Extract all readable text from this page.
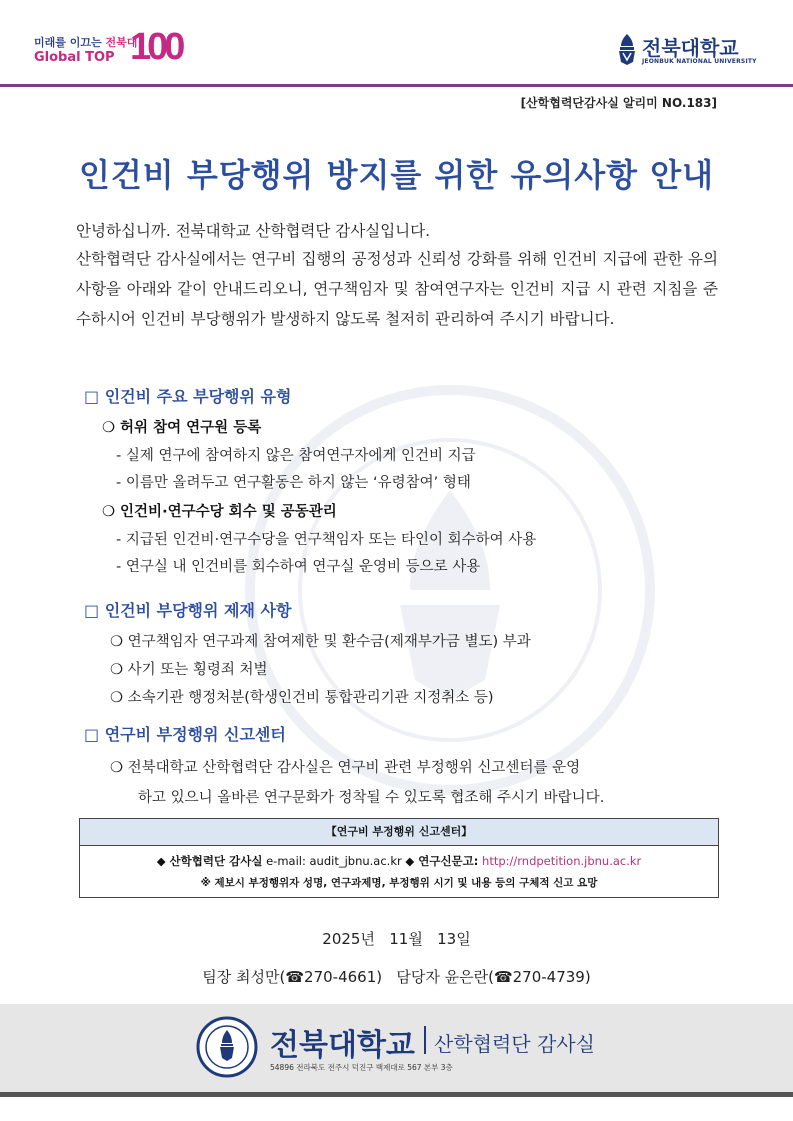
미래를 이끄는 전북대
Global TOP 100	전북대학교
JEONBUK NATIONAL UNIVERSITY
[산학협력단감사실 알리미 NO.183]
인건비 부당행위 방지를 위한 유의사항 안내
안녕하십니까. 전북대학교 산학협력단 감사실입니다.
산학협력단 감사실에서는 연구비 집행의 공정성과 신뢰성 강화를 위해 인건비 지급에 관한 유의사항을 아래와 같이 안내드리오니, 연구책임자 및 참여연구자는 인건비 지급 시 관련 지침을 준수하시어 인건비 부당행위가 발생하지 않도록 철저히 관리하여 주시기 바랍니다.
□ 인건비 주요 부당행위 유형
❍ 허위 참여 연구원 등록
- 실제 연구에 참여하지 않은 참여연구자에게 인건비 지급
- 이름만 올려두고 연구활동은 하지 않는 ‘유령참여’ 형태
❍ 인건비·연구수당 회수 및 공동관리
- 지급된 인건비·연구수당을 연구책임자 또는 타인이 회수하여 사용
- 연구실 내 인건비를 회수하여 연구실 운영비 등으로 사용
□ 인건비 부당행위 제재 사항
❍ 연구책임자 연구과제 참여제한 및 환수금(제재부가금 별도) 부과
❍ 사기 또는 횡령죄 처벌
❍ 소속기관 행정처분(학생인건비 통합관리기관 지정취소 등)
□ 연구비 부정행위 신고센터
❍ 전북대학교 산학협력단 감사실은 연구비 관련 부정행위 신고센터를 운영
하고 있으니 올바른 연구문화가 정착될 수 있도록 협조해 주시기 바랍니다.
【연구비 부정행위 신고센터】
◆ 산학협력단 감사실 e-mail: audit_jbnu.ac.kr ◆ 연구신문고: http://rndpetition.jbnu.ac.kr
※ 제보시 부정행위자 성명, 연구과제명, 부정행위 시기 및 내용 등의 구체적 신고 요망
2025년   11월   13일
팀장 최성만(☎270-4661)   담당자 윤은란(☎270-4739)
전북대학교 산학협력단 감사실
54896 전라북도 전주시 덕진구 백제대로 567 본부 3층
